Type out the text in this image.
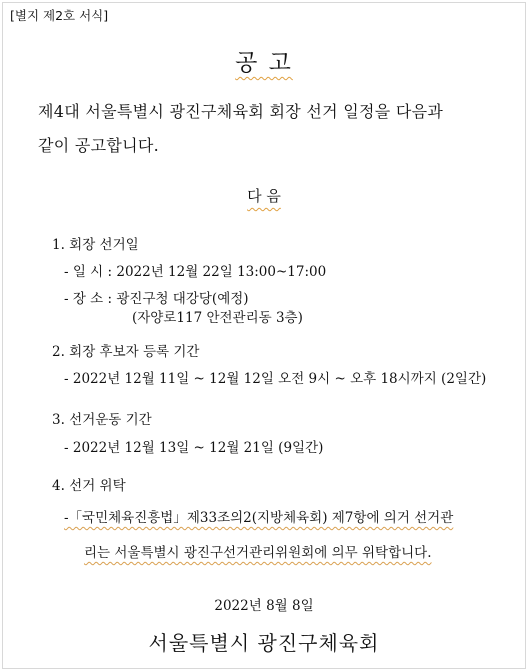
[별지 제2호 서식]
공 고
제4대 서울특별시 광진구체육회 회장 선거 일정을 다음과
같이 공고합니다.
다 음
1. 회장 선거일
- 일 시 : 2022년 12월 22일 13:00~17:00
- 장 소 : 광진구청 대강당(예정)
(자양로117 안전관리동 3층)
2. 회장 후보자 등록 기간
- 2022년 12월 11일 ~ 12월 12일 오전 9시 ~ 오후 18시까지 (2일간)
3. 선거운동 기간
- 2022년 12월 13일 ~ 12월 21일 (9일간)
4. 선거 위탁
-「국민체육진흥법」제33조의2(지방체육회) 제7항에 의거 선거관
리는 서울특별시 광진구선거관리위원회에 의무 위탁합니다.
2022년 8월 8일
서울특별시 광진구체육회
